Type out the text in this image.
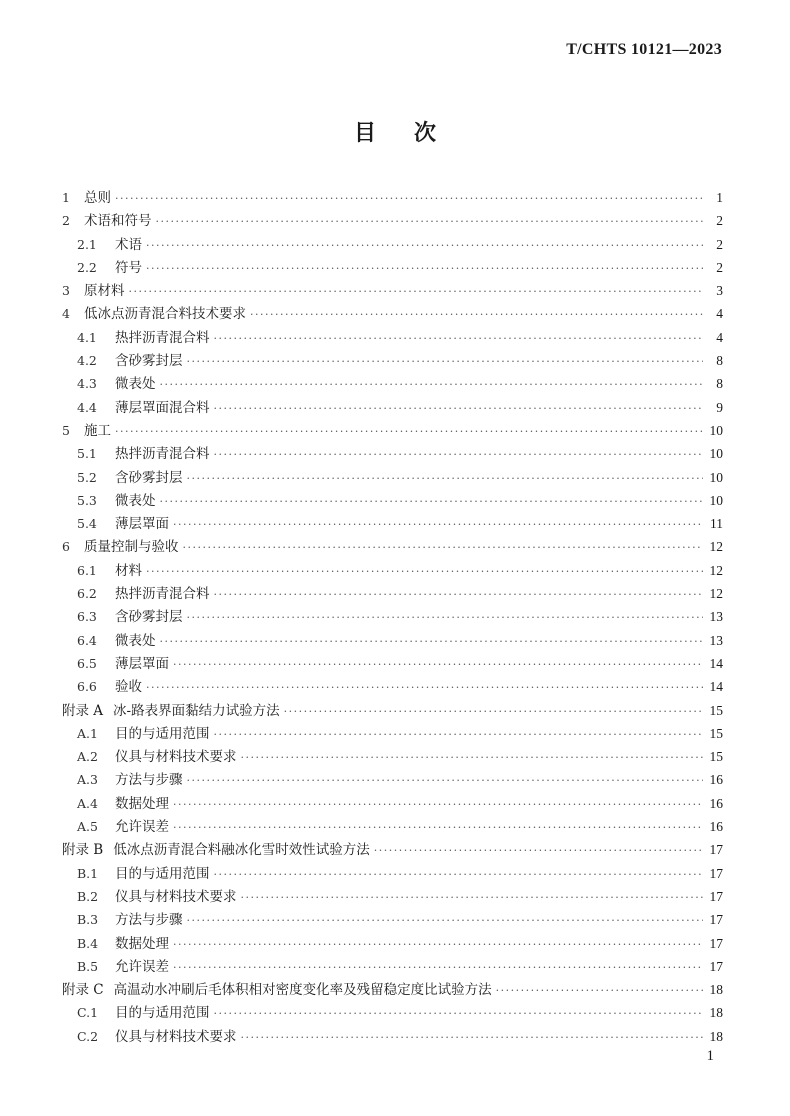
T/CHTS 10121—2023
目次
1	总则 ·····	1
2	术语和符号 ·····	2
2.1	术语 ·····	2
2.2	符号 ·····	2
3	原材料 ·····	3
4	低冰点沥青混合料技术要求 ·····	4
4.1	热拌沥青混合料 ·····	4
4.2	含砂雾封层 ·····	8
4.3	微表处 ·····	8
4.4	薄层罩面混合料 ·····	9
5	施工 ·····	10
5.1	热拌沥青混合料 ·····	10
5.2	含砂雾封层 ·····	10
5.3	微表处 ·····	10
5.4	薄层罩面 ·····	11
6	质量控制与验收 ·····	12
6.1	材料 ·····	12
6.2	热拌沥青混合料 ·····	12
6.3	含砂雾封层 ·····	13
6.4	微表处 ·····	13
6.5	薄层罩面 ·····	14
6.6	验收 ·····	14
附录 A 冰-路表界面黏结力试验方法 ·····	15
A.1	目的与适用范围 ·····	15
A.2	仪具与材料技术要求 ·····	15
A.3	方法与步骤 ·····	16
A.4	数据处理 ·····	16
A.5	允许误差 ·····	16
附录 B 低冰点沥青混合料融冰化雪时效性试验方法 ·····	17
B.1	目的与适用范围 ·····	17
B.2	仪具与材料技术要求 ·····	17
B.3	方法与步骤 ·····	17
B.4	数据处理 ·····	17
B.5	允许误差 ·····	17
附录 C 高温动水冲刷后毛体积相对密度变化率及残留稳定度比试验方法 ·····	18
C.1	目的与适用范围 ·····	18
C.2	仪具与材料技术要求 ·····	18
1
